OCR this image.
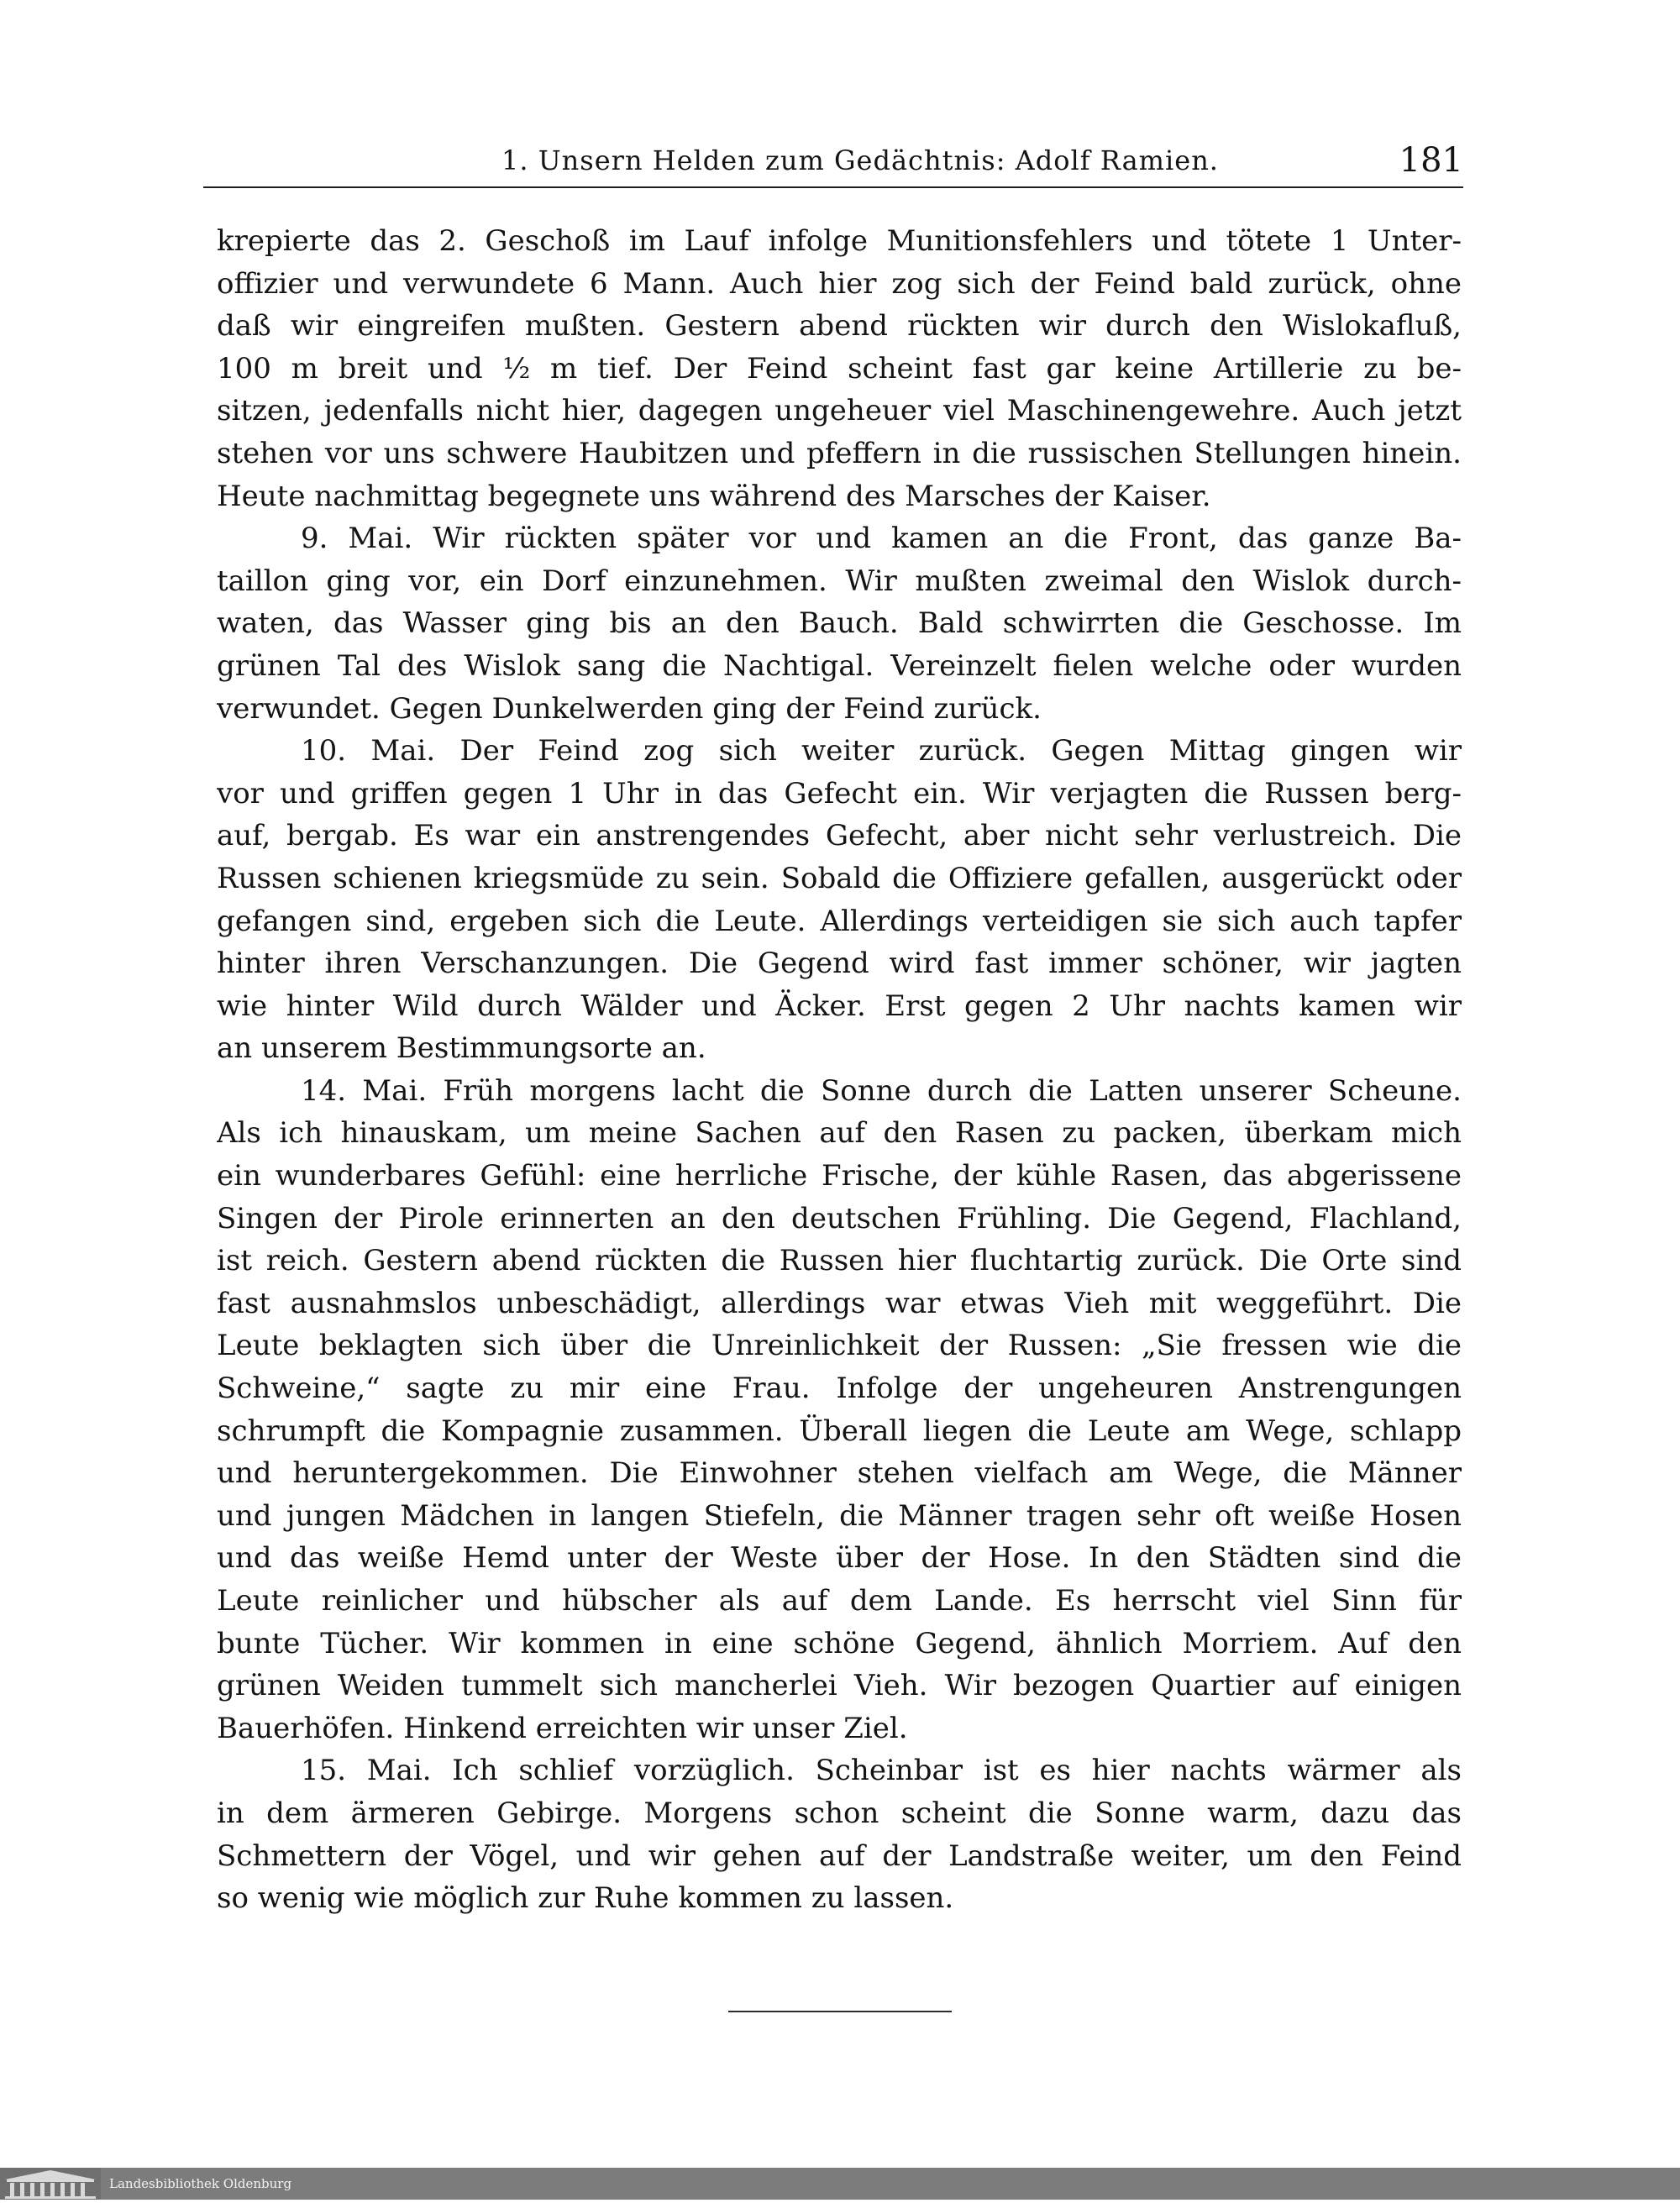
1. Unsern Helden zum Gedächtnis: Adolf Ramien.	181
krepierte das 2. Geschoß im Lauf infolge Munitionsfehlers und tötete 1 Unter-
offizier und verwundete 6 Mann. Auch hier zog sich der Feind bald zurück, ohne
daß wir eingreifen mußten. Gestern abend rückten wir durch den Wislokafluß,
100 m breit und ½ m tief. Der Feind scheint fast gar keine Artillerie zu be-
sitzen, jedenfalls nicht hier, dagegen ungeheuer viel Maschinengewehre. Auch jetzt
stehen vor uns schwere Haubitzen und pfeffern in die russischen Stellungen hinein.
Heute nachmittag begegnete uns während des Marsches der Kaiser.
9. Mai. Wir rückten später vor und kamen an die Front, das ganze Ba-
taillon ging vor, ein Dorf einzunehmen. Wir mußten zweimal den Wislok durch-
waten, das Wasser ging bis an den Bauch. Bald schwirrten die Geschosse. Im
grünen Tal des Wislok sang die Nachtigal. Vereinzelt fielen welche oder wurden
verwundet. Gegen Dunkelwerden ging der Feind zurück.
10. Mai. Der Feind zog sich weiter zurück. Gegen Mittag gingen wir
vor und griffen gegen 1 Uhr in das Gefecht ein. Wir verjagten die Russen berg-
auf, bergab. Es war ein anstrengendes Gefecht, aber nicht sehr verlustreich. Die
Russen schienen kriegsmüde zu sein. Sobald die Offiziere gefallen, ausgerückt oder
gefangen sind, ergeben sich die Leute. Allerdings verteidigen sie sich auch tapfer
hinter ihren Verschanzungen. Die Gegend wird fast immer schöner, wir jagten
wie hinter Wild durch Wälder und Äcker. Erst gegen 2 Uhr nachts kamen wir
an unserem Bestimmungsorte an.
14. Mai. Früh morgens lacht die Sonne durch die Latten unserer Scheune.
Als ich hinauskam, um meine Sachen auf den Rasen zu packen, überkam mich
ein wunderbares Gefühl: eine herrliche Frische, der kühle Rasen, das abgerissene
Singen der Pirole erinnerten an den deutschen Frühling. Die Gegend, Flachland,
ist reich. Gestern abend rückten die Russen hier fluchtartig zurück. Die Orte sind
fast ausnahmslos unbeschädigt, allerdings war etwas Vieh mit weggeführt. Die
Leute beklagten sich über die Unreinlichkeit der Russen: „Sie fressen wie die
Schweine,“ sagte zu mir eine Frau. Infolge der ungeheuren Anstrengungen
schrumpft die Kompagnie zusammen. Überall liegen die Leute am Wege, schlapp
und heruntergekommen. Die Einwohner stehen vielfach am Wege, die Männer
und jungen Mädchen in langen Stiefeln, die Männer tragen sehr oft weiße Hosen
und das weiße Hemd unter der Weste über der Hose. In den Städten sind die
Leute reinlicher und hübscher als auf dem Lande. Es herrscht viel Sinn für
bunte Tücher. Wir kommen in eine schöne Gegend, ähnlich Morriem. Auf den
grünen Weiden tummelt sich mancherlei Vieh. Wir bezogen Quartier auf einigen
Bauerhöfen. Hinkend erreichten wir unser Ziel.
15. Mai. Ich schlief vorzüglich. Scheinbar ist es hier nachts wärmer als
in dem ärmeren Gebirge. Morgens schon scheint die Sonne warm, dazu das
Schmettern der Vögel, und wir gehen auf der Landstraße weiter, um den Feind
so wenig wie möglich zur Ruhe kommen zu lassen.
Landesbibliothek Oldenburg
